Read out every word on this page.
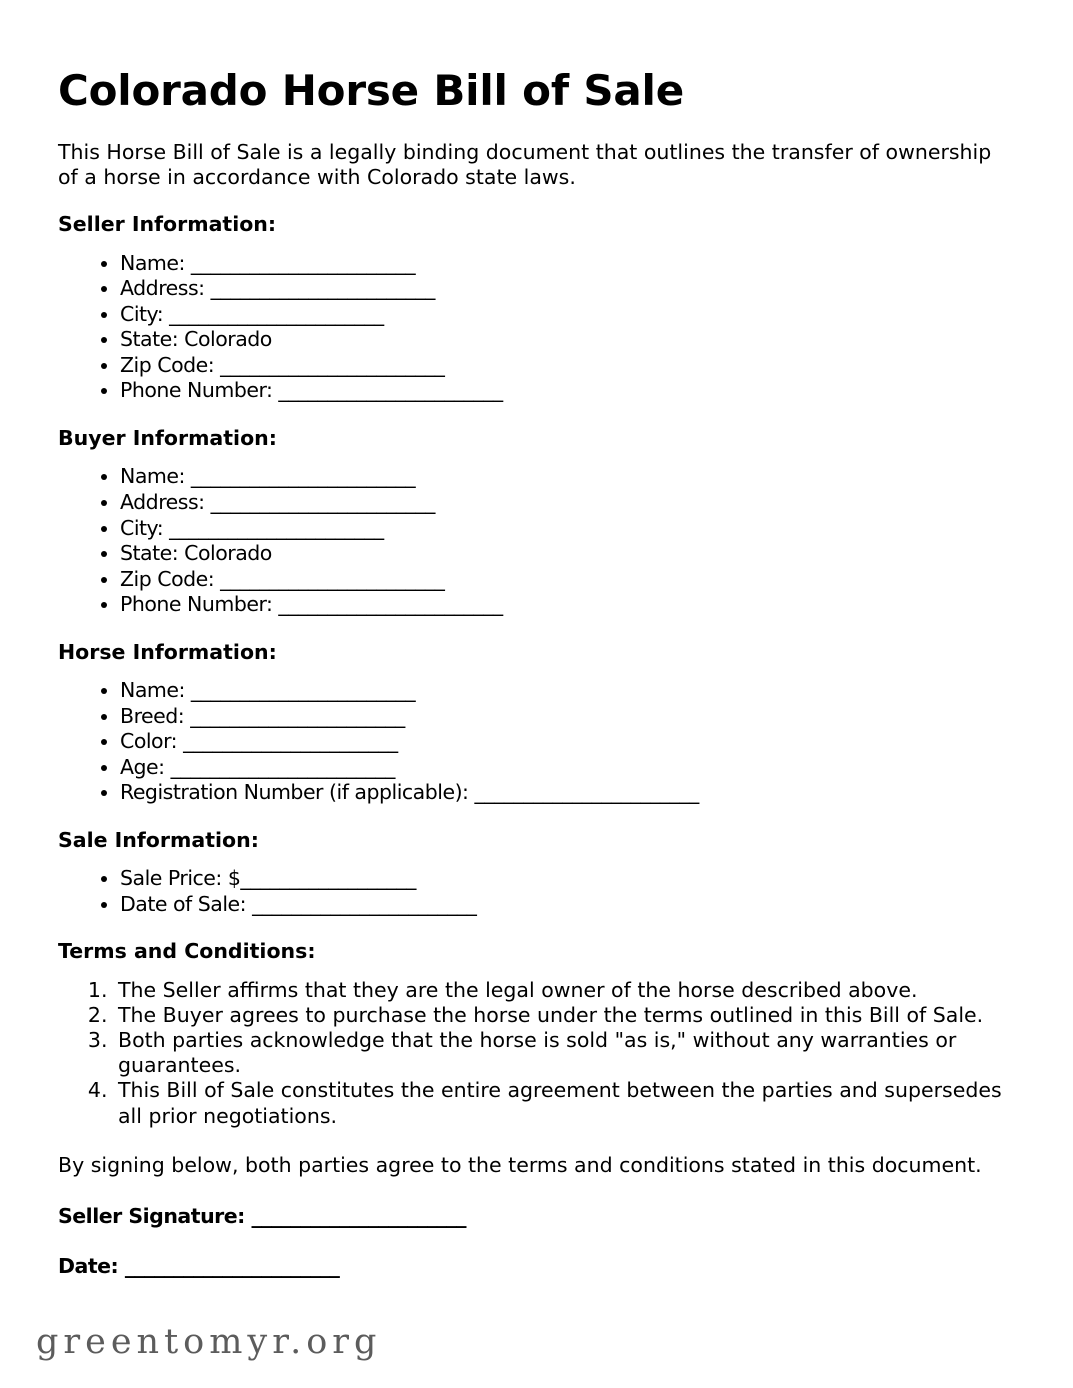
Colorado Horse Bill of Sale

This Horse Bill of Sale is a legally binding document that outlines the transfer of ownership of a horse in accordance with Colorado state laws.

Seller Information:
• Name: _______________________
• Address: _______________________
• City: ______________________
• State: Colorado
• Zip Code: _______________________
• Phone Number: _______________________
Buyer Information:
• Name: _______________________
• Address: _______________________
• City: ______________________
• State: Colorado
• Zip Code: _______________________
• Phone Number: _______________________
Horse Information:
• Name: _______________________
• Breed: ______________________
• Color: ______________________
• Age: _______________________
• Registration Number (if applicable): _______________________
Sale Information:
• Sale Price: $__________________
• Date of Sale: _______________________
Terms and Conditions:
1. The Seller affirms that they are the legal owner of the horse described above.
2. The Buyer agrees to purchase the horse under the terms outlined in this Bill of Sale.
3. Both parties acknowledge that the horse is sold "as is," without any warranties or guarantees.
4. This Bill of Sale constitutes the entire agreement between the parties and supersedes all prior negotiations.

By signing below, both parties agree to the terms and conditions stated in this document.

Seller Signature: ______________________

Date: ______________________

greentomyr.org
